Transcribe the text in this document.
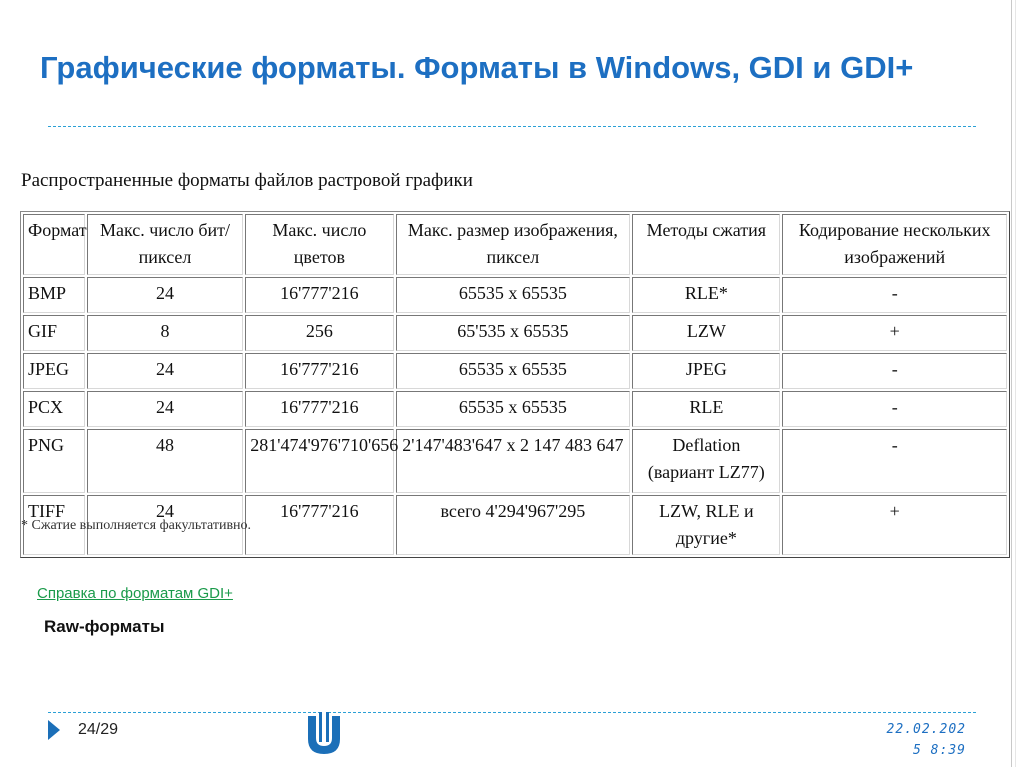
Графические форматы. Форматы в Windows, GDI и GDI+
Распространенные форматы файлов растровой графики
Формат	Макс. число бит/ пиксел	Макс. число цветов	Макс. размер изображения, пиксел	Методы сжатия	Кодирование нескольких изображений
BMP	24	16'777'216	65535 x 65535	RLE*	-
GIF	8	256	65'535 x 65535	LZW	+
JPEG	24	16'777'216	65535 x 65535	JPEG	-
PCX	24	16'777'216	65535 x 65535	RLE	-
PNG	48	281'474'976'710'656	2'147'483'647 x 2 147 483 647	Deflation (вариант LZ77)	-
TIFF	24	16'777'216	всего 4'294'967'295	LZW, RLE и другие*	+
* Сжатие выполняется факультативно.
Справка по форматам GDI+
Raw-форматы
24/29	22.02.202
5 8:39
